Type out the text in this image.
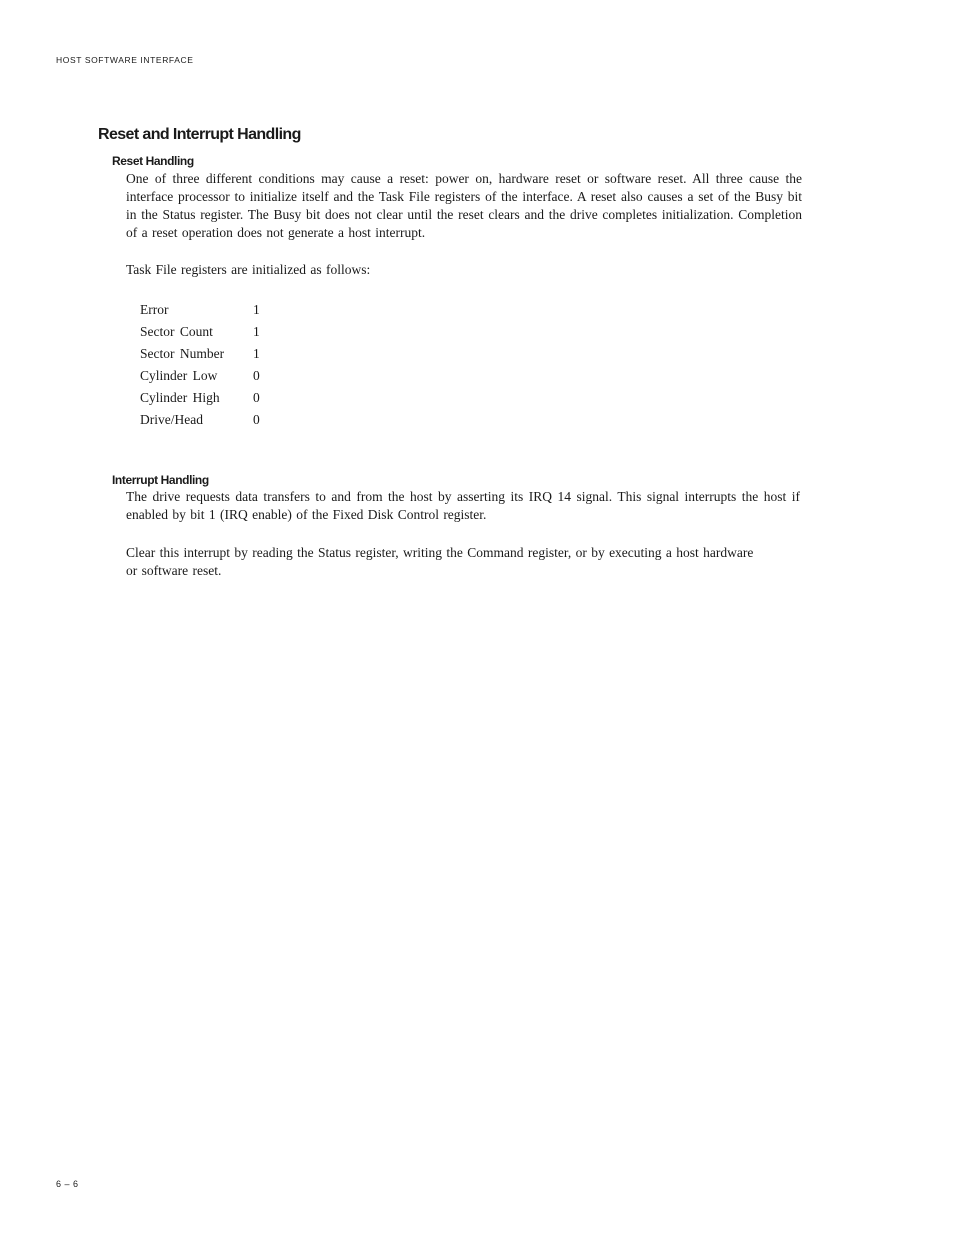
HOST SOFTWARE INTERFACE
Reset and Interrupt Handling
Reset Handling

One of three different conditions may cause a reset: power on, hardware reset or software reset. All three cause the interface processor to initialize itself and the Task File registers of the interface. A reset also causes a set of the Busy bit in the Status register. The Busy bit does not clear until the reset clears and the drive completes initialization. Completion of a reset operation does not generate a host interrupt.

Task File registers are initialized as follows:

Error	1
Sector Count	1
Sector Number	1
Cylinder Low	0
Cylinder High	0
Drive/Head	0
Interrupt Handling

The drive requests data transfers to and from the host by asserting its IRQ 14 signal. This signal interrupts the host if enabled by bit 1 (IRQ enable) of the Fixed Disk Control register.

Clear this interrupt by reading the Status register, writing the Command register, or by executing a host hardware or software reset.

6 – 6
